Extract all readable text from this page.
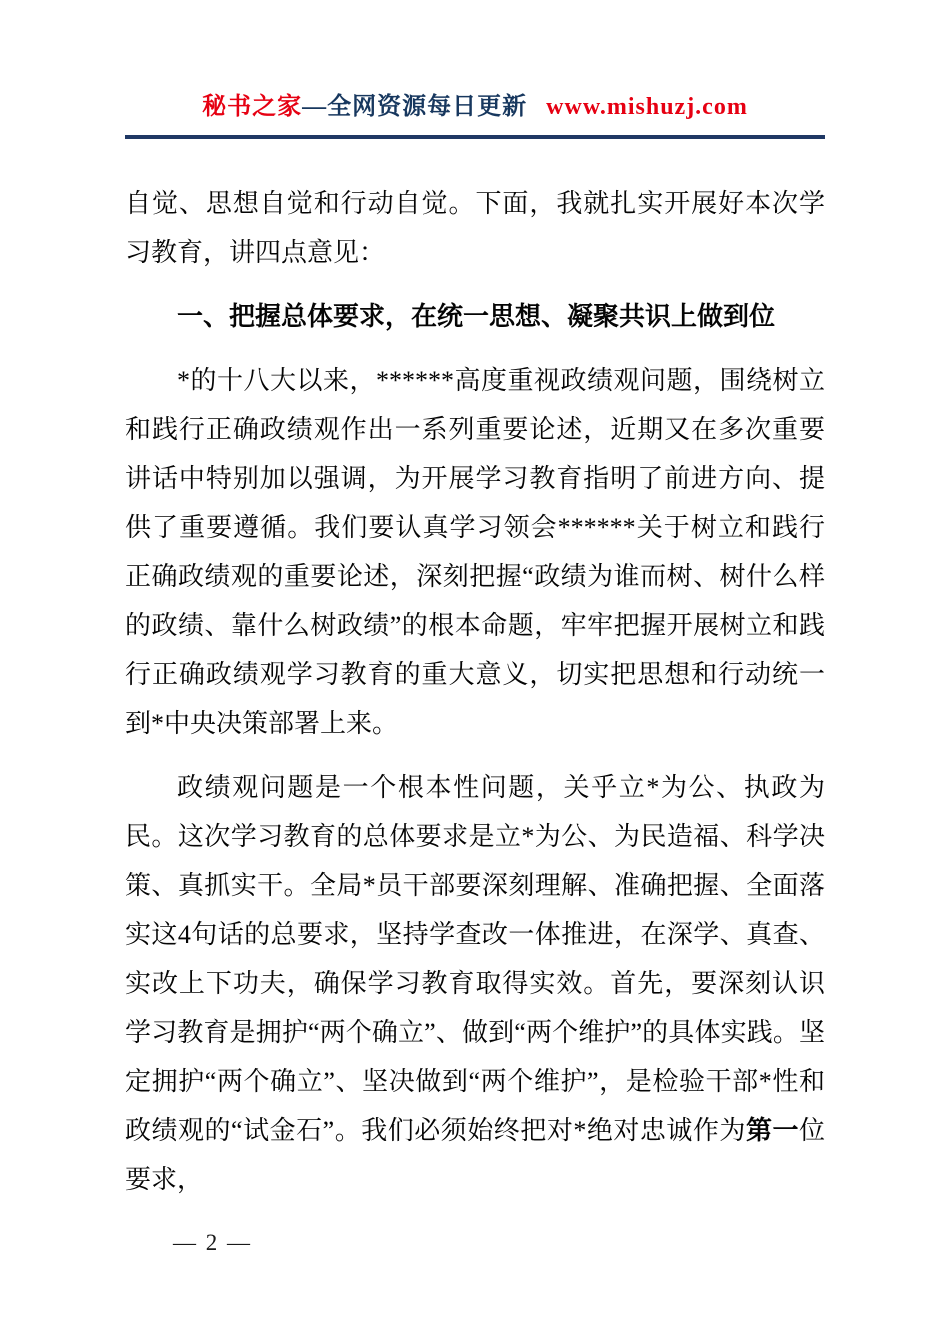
秘书之家—全网资源每日更新 www.mishuzj.com

自觉、思想自觉和行动自觉。下面，我就扎实开展好本次学习教育，讲四点意见：

一、把握总体要求，在统一思想、凝聚共识上做到位

*的十八大以来，******高度重视政绩观问题，围绕树立和践行正确政绩观作出一系列重要论述，近期又在多次重要讲话中特别加以强调，为开展学习教育指明了前进方向、提供了重要遵循。我们要认真学习领会******关于树立和践行正确政绩观的重要论述，深刻把握“政绩为谁而树、树什么样的政绩、靠什么树政绩”的根本命题，牢牢把握开展树立和践行正确政绩观学习教育的重大意义，切实把思想和行动统一到*中央决策部署上来。

政绩观问题是一个根本性问题，关乎立*为公、执政为民。这次学习教育的总体要求是立*为公、为民造福、科学决策、真抓实干。全局*员干部要深刻理解、准确把握、全面落实这4句话的总要求，坚持学查改一体推进，在深学、真查、实改上下功夫，确保学习教育取得实效。首先，要深刻认识学习教育是拥护“两个确立”、做到“两个维护”的具体实践。坚定拥护“两个确立”、坚决做到“两个维护”，是检验干部*性和政绩观的“试金石”。我们必须始终把对*绝对忠诚作为第一位要求，

— 2 —
